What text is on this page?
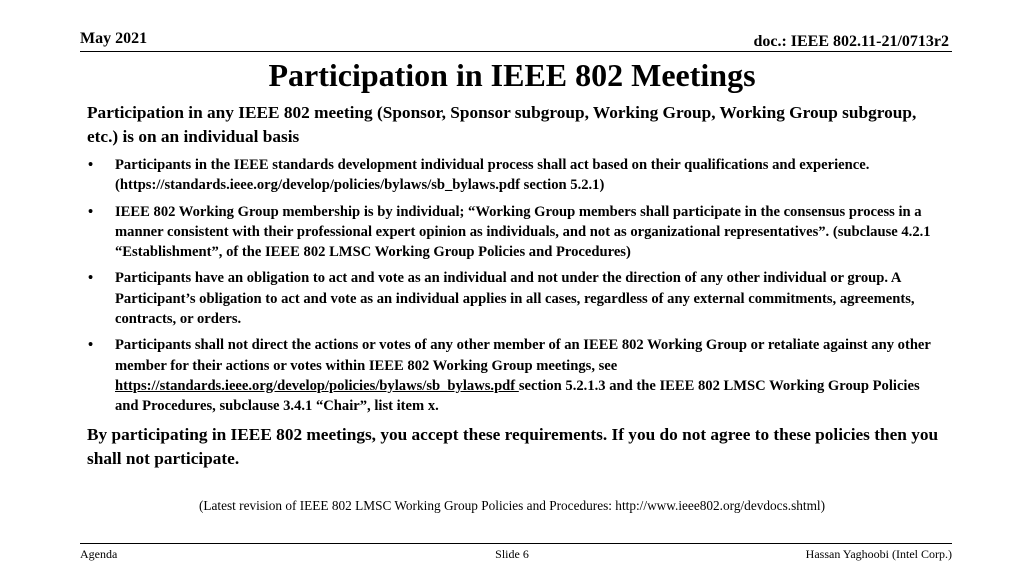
May 2021	doc.: IEEE 802.11-21/0713r2
Participation in IEEE 802 Meetings

Participation in any IEEE 802 meeting (Sponsor, Sponsor subgroup, Working Group, Working Group subgroup, etc.) is on an individual basis

• Participants in the IEEE standards development individual process shall act based on their qualifications and experience. (https://standards.ieee.org/develop/policies/bylaws/sb_bylaws.pdf section 5.2.1)
• IEEE 802 Working Group membership is by individual; “Working Group members shall participate in the consensus process in a manner consistent with their professional expert opinion as individuals, and not as organizational representatives”. (subclause 4.2.1 “Establishment”, of the IEEE 802 LMSC Working Group Policies and Procedures)
• Participants have an obligation to act and vote as an individual and not under the direction of any other individual or group. A Participant’s obligation to act and vote as an individual applies in all cases, regardless of any external commitments, agreements, contracts, or orders.
• Participants shall not direct the actions or votes of any other member of an IEEE 802 Working Group or retaliate against any other member for their actions or votes within IEEE 802 Working Group meetings, see https://standards.ieee.org/develop/policies/bylaws/sb_bylaws.pdf section 5.2.1.3 and the IEEE 802 LMSC Working Group Policies and Procedures, subclause 3.4.1 “Chair”, list item x.

By participating in IEEE 802 meetings, you accept these requirements. If you do not agree to these policies then you shall not participate.

(Latest revision of IEEE 802 LMSC Working Group Policies and Procedures: http://www.ieee802.org/devdocs.shtml)
Agenda	Slide 6	Hassan Yaghoobi (Intel Corp.)
